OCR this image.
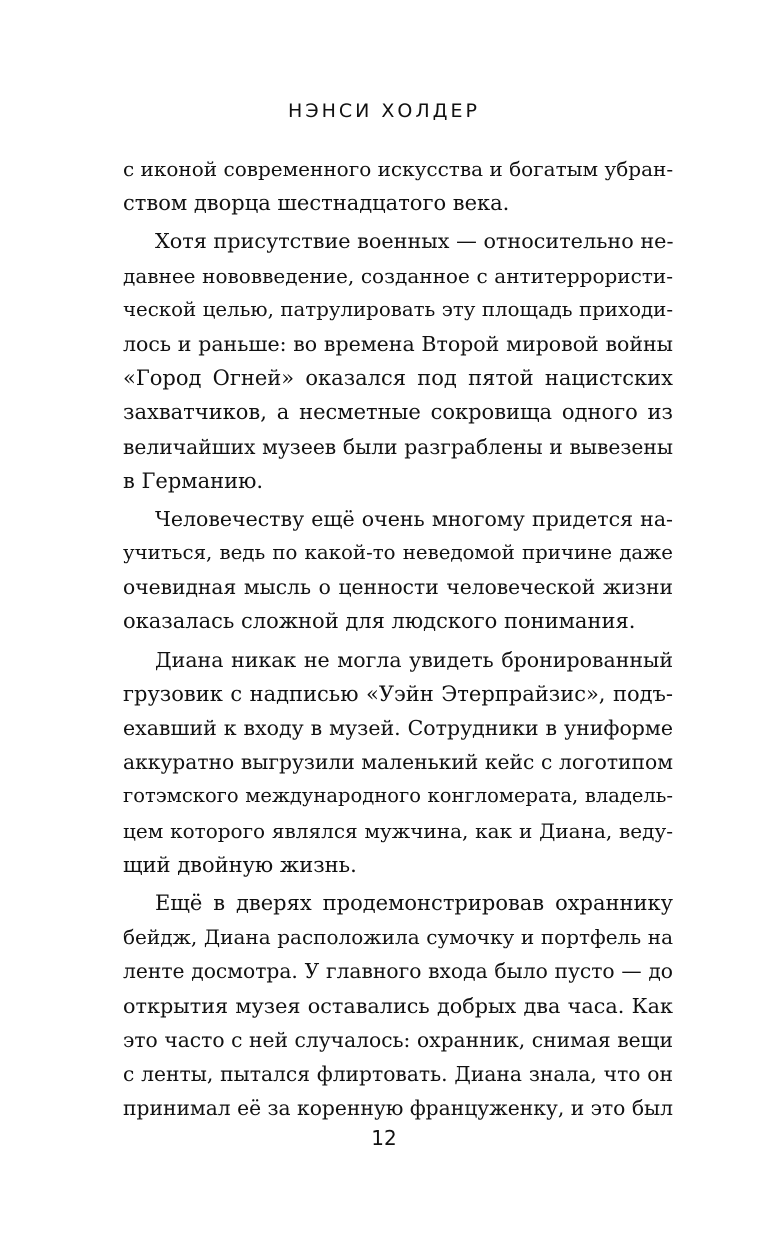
НЭНСИ ХОЛДЕР
с иконой современного искусства и богатым убран-
ством дворца шестнадцатого века.
Хотя присутствие военных — относительно не-
давнее нововведение, созданное с антитеррористи-
ческой целью, патрулировать эту площадь приходи-
лось и раньше: во времена Второй мировой войны
«Город Огней» оказался под пятой нацистских
захватчиков, а несметные сокровища одного из
величайших музеев были разграблены и вывезены
в Германию.
Человечеству ещё очень многому придется на-
учиться, ведь по какой-то неведомой причине даже
очевидная мысль о ценности человеческой жизни
оказалась сложной для людского понимания.
Диана никак не могла увидеть бронированный
грузовик с надписью «Уэйн Этерпрайзис», подъ-
ехавший к входу в музей. Сотрудники в униформе
аккуратно выгрузили маленький кейс с логотипом
готэмского международного конгломерата, владель-
цем которого являлся мужчина, как и Диана, веду-
щий двойную жизнь.
Ещё в дверях продемонстрировав охраннику
бейдж, Диана расположила сумочку и портфель на
ленте досмотра. У главного входа было пусто — до
открытия музея оставались добрых два часа. Как
это часто с ней случалось: охранник, снимая вещи
с ленты, пытался флиртовать. Диана знала, что он
принимал её за коренную француженку, и это был
12
